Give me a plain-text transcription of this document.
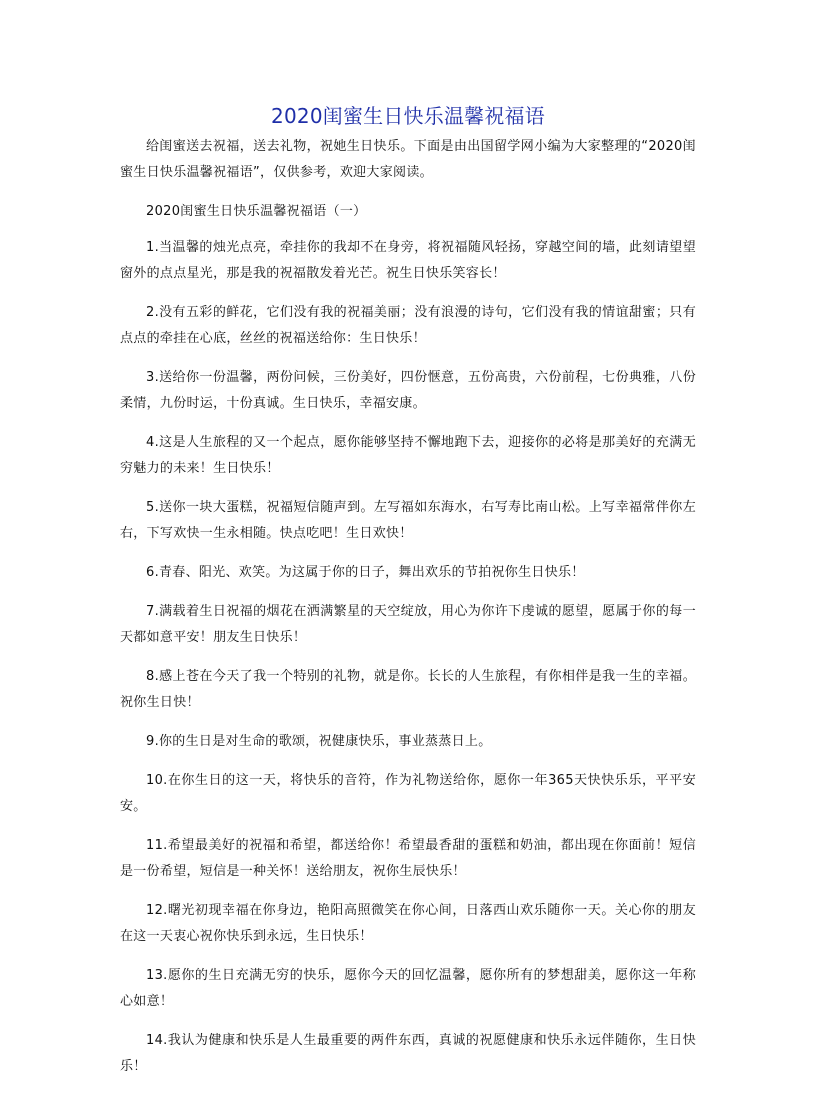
2020闺蜜生日快乐温馨祝福语

给闺蜜送去祝福，送去礼物，祝她生日快乐。下面是由出国留学网小编为大家整理的“2020闺蜜生日快乐温馨祝福语”，仅供参考，欢迎大家阅读。

2020闺蜜生日快乐温馨祝福语（一）

1.当温馨的烛光点亮，牵挂你的我却不在身旁，将祝福随风轻扬，穿越空间的墙，此刻请望望窗外的点点星光，那是我的祝福散发着光芒。祝生日快乐笑容长！

2.没有五彩的鲜花，它们没有我的祝福美丽；没有浪漫的诗句，它们没有我的情谊甜蜜；只有点点的牵挂在心底，丝丝的祝福送给你：生日快乐！

3.送给你一份温馨，两份问候，三份美好，四份惬意，五份高贵，六份前程，七份典雅，八份柔情，九份时运，十份真诚。生日快乐，幸福安康。

4.这是人生旅程的又一个起点，愿你能够坚持不懈地跑下去，迎接你的必将是那美好的充满无穷魅力的未来！生日快乐！

5.送你一块大蛋糕，祝福短信随声到。左写福如东海水，右写寿比南山松。上写幸福常伴你左右，下写欢快一生永相随。快点吃吧！生日欢快！

6.青春、阳光、欢笑。为这属于你的日子，舞出欢乐的节拍祝你生日快乐！

7.满载着生日祝福的烟花在洒满繁星的天空绽放，用心为你许下虔诚的愿望，愿属于你的每一天都如意平安！朋友生日快乐！

8.感上苍在今天了我一个特别的礼物，就是你。长长的人生旅程，有你相伴是我一生的幸福。祝你生日快！

9.你的生日是对生命的歌颂，祝健康快乐，事业蒸蒸日上。

10.在你生日的这一天，将快乐的音符，作为礼物送给你，愿你一年365天快快乐乐，平平安安。

11.希望最美好的祝福和希望，都送给你！希望最香甜的蛋糕和奶油，都出现在你面前！短信是一份希望，短信是一种关怀！送给朋友，祝你生辰快乐！

12.曙光初现幸福在你身边，艳阳高照微笑在你心间，日落西山欢乐随你一天。关心你的朋友在这一天衷心祝你快乐到永远，生日快乐！

13.愿你的生日充满无穷的快乐，愿你今天的回忆温馨，愿你所有的梦想甜美，愿你这一年称心如意！

14.我认为健康和快乐是人生最重要的两件东西，真诚的祝愿健康和快乐永远伴随你，生日快乐！
